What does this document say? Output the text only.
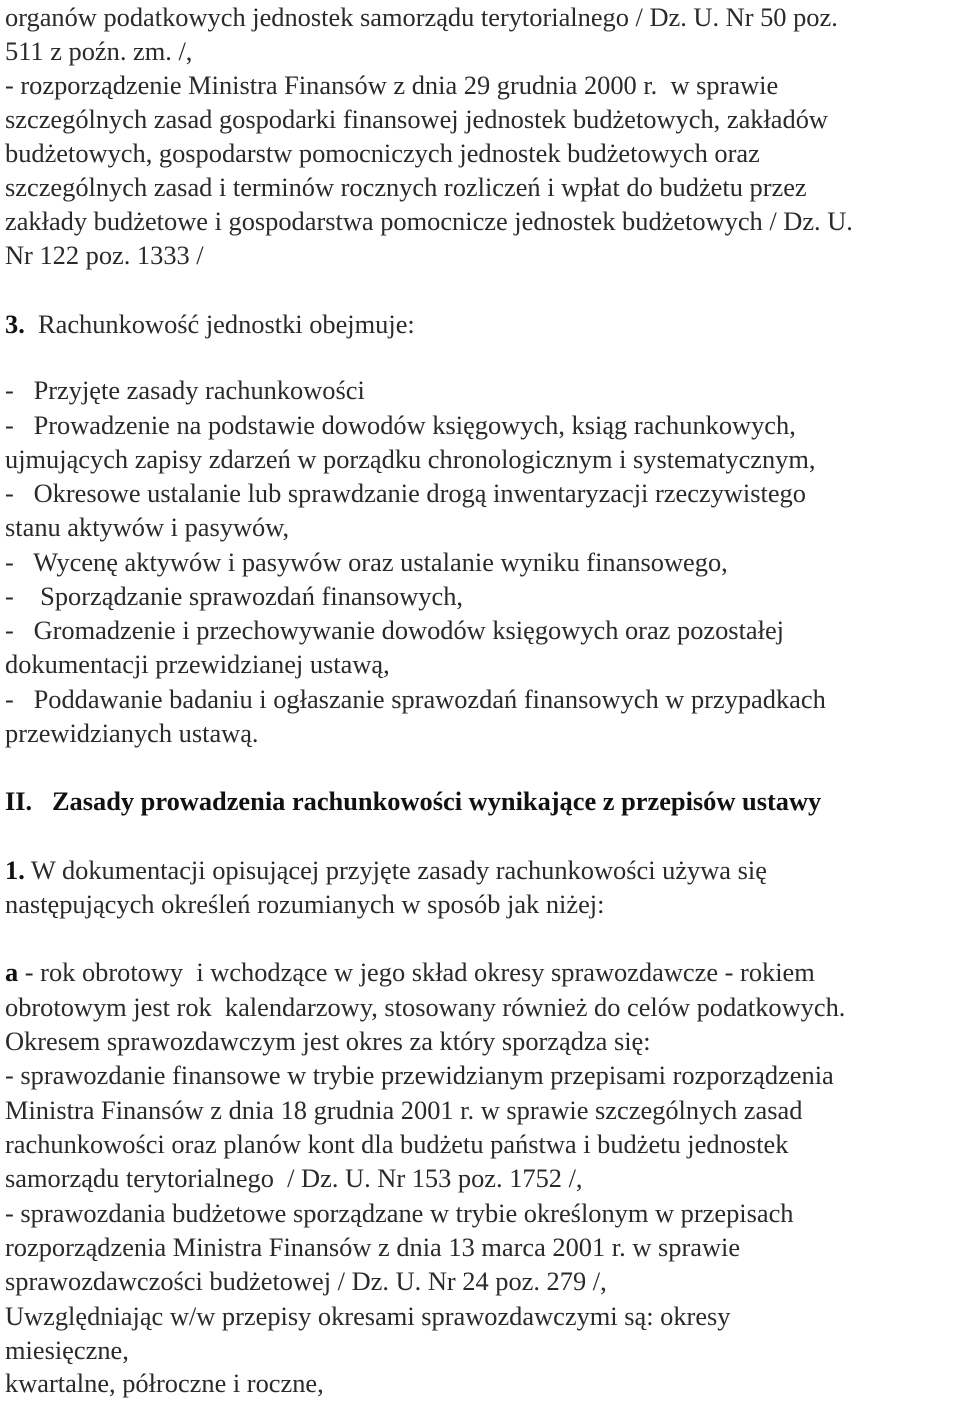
organów podatkowych jednostek samorządu terytorialnego / Dz. U. Nr 50 poz.
511 z poźn. zm. /,
- rozporządzenie Ministra Finansów z dnia 29 grudnia 2000 r.  w sprawie
szczególnych zasad gospodarki finansowej jednostek budżetowych, zakładów
budżetowych, gospodarstw pomocniczych jednostek budżetowych oraz
szczególnych zasad i terminów rocznych rozliczeń i wpłat do budżetu przez
zakłady budżetowe i gospodarstwa pomocnicze jednostek budżetowych / Dz. U.
Nr 122 poz. 1333 /
3. Rachunkowość jednostki obejmuje:
-   Przyjęte zasady rachunkowości
-   Prowadzenie na podstawie dowodów księgowych, ksiąg rachunkowych,
ujmujących zapisy zdarzeń w porządku chronologicznym i systematycznym,
-   Okresowe ustalanie lub sprawdzanie drogą inwentaryzacji rzeczywistego
stanu aktywów i pasywów,
-   Wycenę aktywów i pasywów oraz ustalanie wyniku finansowego,
-    Sporządzanie sprawozdań finansowych,
-   Gromadzenie i przechowywanie dowodów księgowych oraz pozostałej
dokumentacji przewidzianej ustawą,
-   Poddawanie badaniu i ogłaszanie sprawozdań finansowych w przypadkach
przewidzianych ustawą.
II. Zasady prowadzenia rachunkowości wynikające z przepisów ustawy
1. W dokumentacji opisującej przyjęte zasady rachunkowości używa się
następujących określeń rozumianych w sposób jak niżej:
a - rok obrotowy  i wchodzące w jego skład okresy sprawozdawcze - rokiem
obrotowym jest rok  kalendarzowy, stosowany również do celów podatkowych.
Okresem sprawozdawczym jest okres za który sporządza się:
- sprawozdanie finansowe w trybie przewidzianym przepisami rozporządzenia
Ministra Finansów z dnia 18 grudnia 2001 r. w sprawie szczególnych zasad
rachunkowości oraz planów kont dla budżetu państwa i budżetu jednostek
samorządu terytorialnego  / Dz. U. Nr 153 poz. 1752 /,
- sprawozdania budżetowe sporządzane w trybie określonym w przepisach
rozporządzenia Ministra Finansów z dnia 13 marca 2001 r. w sprawie
sprawozdawczości budżetowej / Dz. U. Nr 24 poz. 279 /,
Uwzględniając w/w przepisy okresami sprawozdawczymi są: okresy
miesięczne,
kwartalne, półroczne i roczne,
